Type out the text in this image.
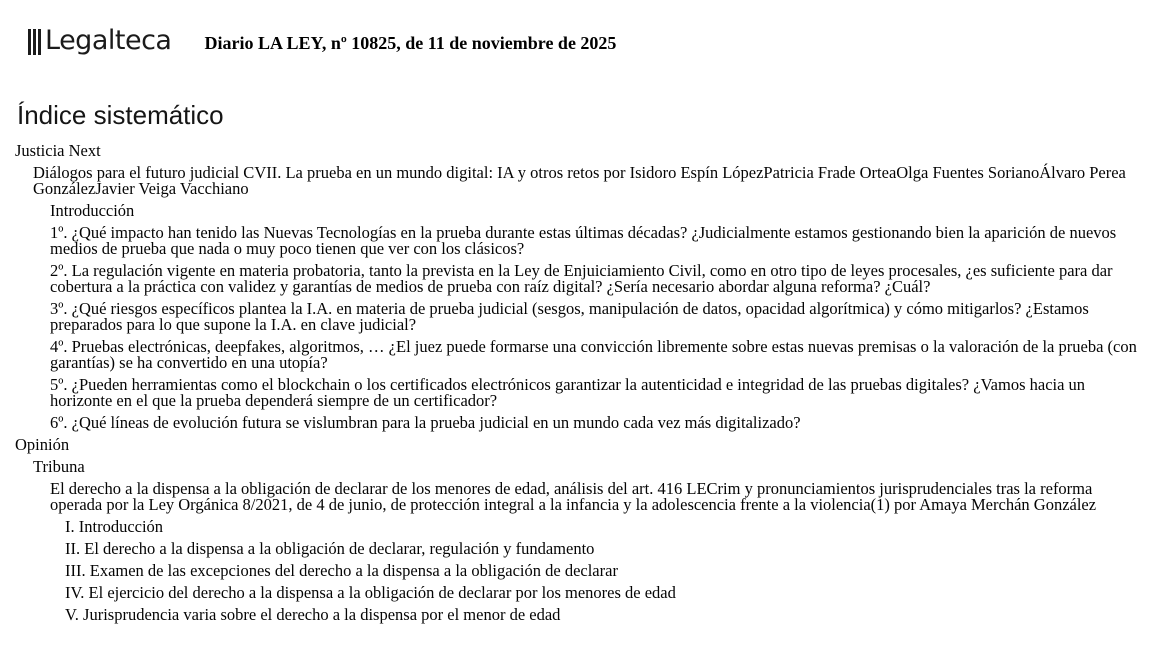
Legalteca Diario LA LEY, nº 10825, de 11 de noviembre de 2025
Índice sistemático
Justicia Next

Diálogos para el futuro judicial CVII. La prueba en un mundo digital: IA y otros retos por Isidoro Espín LópezPatricia Frade OrteaOlga Fuentes SorianoÁlvaro Perea GonzálezJavier Veiga Vacchiano

Introducción

1º. ¿Qué impacto han tenido las Nuevas Tecnologías en la prueba durante estas últimas décadas? ¿Judicialmente estamos gestionando bien la aparición de nuevos medios de prueba que nada o muy poco tienen que ver con los clásicos?

2º. La regulación vigente en materia probatoria, tanto la prevista en la Ley de Enjuiciamiento Civil, como en otro tipo de leyes procesales, ¿es suficiente para dar cobertura a la práctica con validez y garantías de medios de prueba con raíz digital? ¿Sería necesario abordar alguna reforma? ¿Cuál?

3º. ¿Qué riesgos específicos plantea la I.A. en materia de prueba judicial (sesgos, manipulación de datos, opacidad algorítmica) y cómo mitigarlos? ¿Estamos preparados para lo que supone la I.A. en clave judicial?

4º. Pruebas electrónicas, deepfakes, algoritmos, … ¿El juez puede formarse una convicción libremente sobre estas nuevas premisas o la valoración de la prueba (con garantías) se ha convertido en una utopía?

5º. ¿Pueden herramientas como el blockchain o los certificados electrónicos garantizar la autenticidad e integridad de las pruebas digitales? ¿Vamos hacia un horizonte en el que la prueba dependerá siempre de un certificador?

6º. ¿Qué líneas de evolución futura se vislumbran para la prueba judicial en un mundo cada vez más digitalizado?

Opinión
Tribuna

El derecho a la dispensa a la obligación de declarar de los menores de edad, análisis del art. 416 LECrim y pronunciamientos jurisprudenciales tras la reforma operada por la Ley Orgánica 8/2021, de 4 de junio, de protección integral a la infancia y la adolescencia frente a la violencia(1) por Amaya Merchán González

I. Introducción

II. El derecho a la dispensa a la obligación de declarar, regulación y fundamento

III. Examen de las excepciones del derecho a la dispensa a la obligación de declarar

IV. El ejercicio del derecho a la dispensa a la obligación de declarar por los menores de edad

V. Jurisprudencia varia sobre el derecho a la dispensa por el menor de edad
